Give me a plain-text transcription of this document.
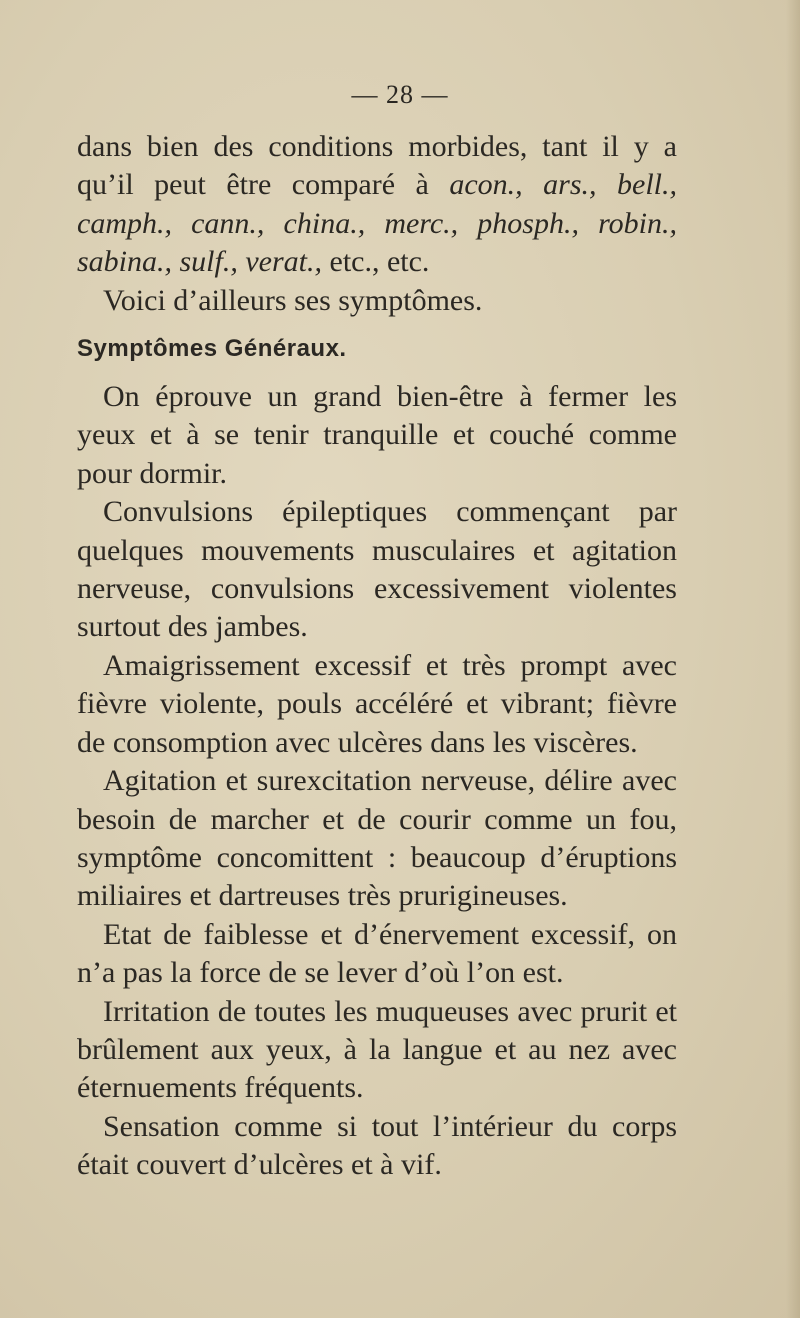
— 28 —

dans bien des conditions morbides, tant il y a qu’il peut être comparé à acon., ars., bell., camph., cann., china., merc., phosph., robin., sabina., sulf., verat., etc., etc.

Voici d’ailleurs ses symptômes.

Symptômes Généraux.

On éprouve un grand bien-être à fermer les yeux et à se tenir tranquille et couché comme pour dormir.

Convulsions épileptiques commençant par quelques mouvements musculaires et agitation nerveuse, convulsions excessivement violentes surtout des jambes.

Amaigrissement excessif et très prompt avec fièvre violente, pouls accéléré et vibrant; fièvre de consomption avec ulcères dans les viscères.

Agitation et surexcitation nerveuse, délire avec besoin de marcher et de courir comme un fou, symptôme concomittent : beaucoup d’éruptions miliaires et dartreuses très prurigineuses.

Etat de faiblesse et d’énervement excessif, on n’a pas la force de se lever d’où l’on est.

Irritation de toutes les muqueuses avec prurit et brûlement aux yeux, à la langue et au nez avec éternuements fréquents.

Sensation comme si tout l’intérieur du corps était couvert d’ulcères et à vif.
